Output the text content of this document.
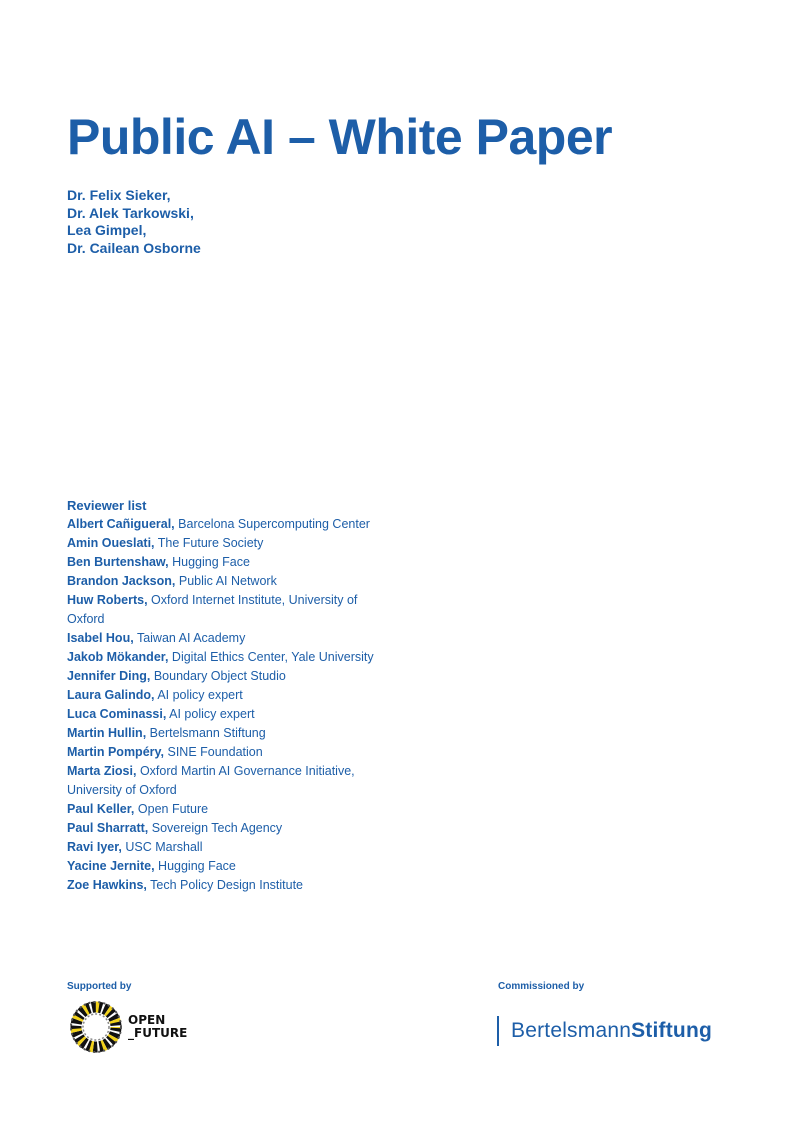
Public AI – White Paper
Dr. Felix Sieker,
Dr. Alek Tarkowski,
Lea Gimpel,
Dr. Cailean Osborne
Reviewer list
Albert Cañigueral, Barcelona Supercomputing Center
Amin Oueslati, The Future Society
Ben Burtenshaw, Hugging Face
Brandon Jackson, Public AI Network
Huw Roberts, Oxford Internet Institute, University of Oxford
Isabel Hou, Taiwan AI Academy
Jakob Mökander, Digital Ethics Center, Yale University
Jennifer Ding, Boundary Object Studio
Laura Galindo, AI policy expert
Luca Cominassi, AI policy expert
Martin Hullin, Bertelsmann Stiftung
Martin Pompéry, SINE Foundation
Marta Ziosi, Oxford Martin AI Governance Initiative, University of Oxford
Paul Keller, Open Future
Paul Sharratt, Sovereign Tech Agency
Ravi Iyer, USC Marshall
Yacine Jernite, Hugging Face
Zoe Hawkins, Tech Policy Design Institute
Supported by	Commissioned by
OPEN
_FUTURE	BertelsmannStiftung
